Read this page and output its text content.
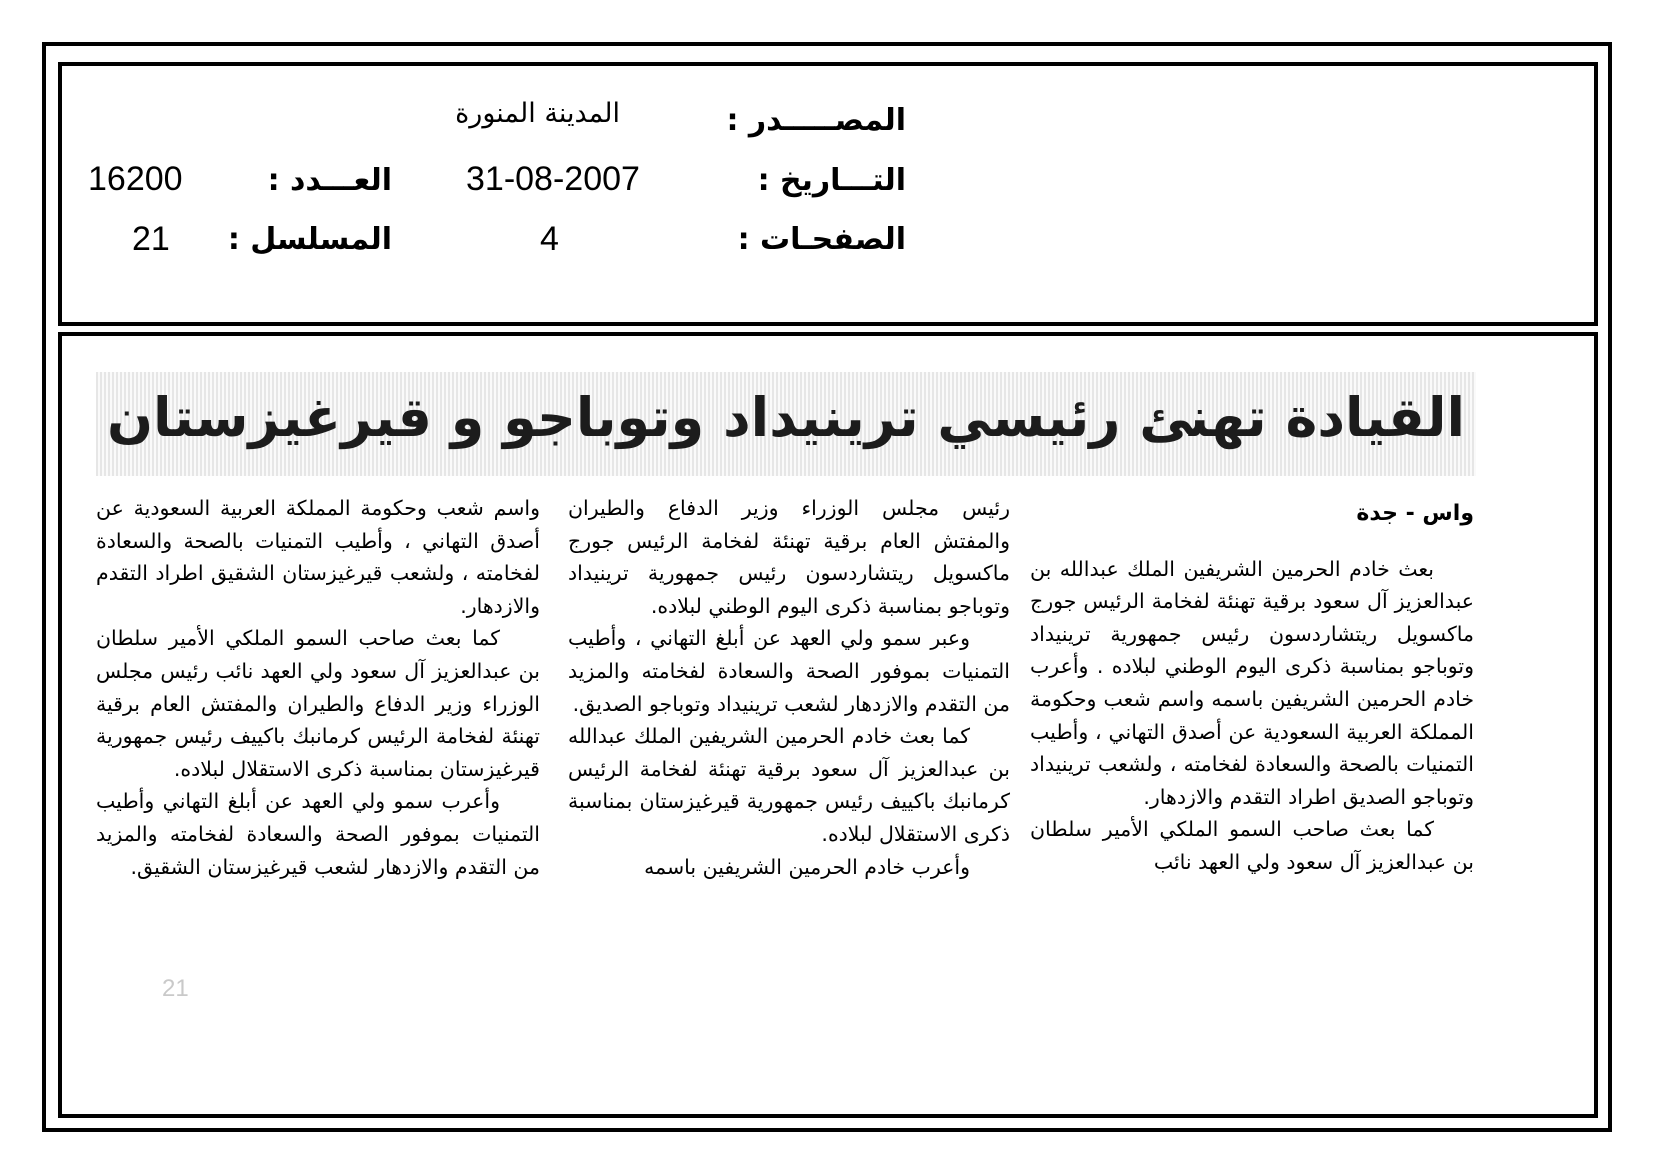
المصـــــدر :
المدينة المنورة
التـــاريخ :
31-08-2007
العـــدد :
16200
الصفحـات :
4
المسلسل :
21
القيادة تهنئ رئيسي ترينيداد وتوباجو و قيرغيزستان

واس - جدة

بعث خادم الحرمين الشريفين الملك عبدالله بن عبدالعزيز آل سعود برقية تهنئة لفخامة الرئيس جورج ماكسويل ريتشاردسون رئيس جمهورية ترينيداد وتوباجو بمناسبة ذكرى اليوم الوطني لبلاده . وأعرب خادم الحرمين الشريفين باسمه واسم شعب وحكومة المملكة العربية السعودية عن أصدق التهاني ، وأطيب التمنيات بالصحة والسعادة لفخامته ، ولشعب ترينيداد وتوباجو الصديق اطراد التقدم والازدهار.

كما بعث صاحب السمو الملكي الأمير سلطان بن عبدالعزيز آل سعود ولي العهد نائب

رئيس مجلس الوزراء وزير الدفاع والطيران والمفتش العام برقية تهنئة لفخامة الرئيس جورج ماكسويل ريتشاردسون رئيس جمهورية ترينيداد وتوباجو بمناسبة ذكرى اليوم الوطني لبلاده.

وعبر سمو ولي العهد عن أبلغ التهاني ، وأطيب التمنيات بموفور الصحة والسعادة لفخامته والمزيد من التقدم والازدهار لشعب ترينيداد وتوباجو الصديق.

كما بعث خادم الحرمين الشريفين الملك عبدالله بن عبدالعزيز آل سعود برقية تهنئة لفخامة الرئيس كرمانبك باكييف رئيس جمهورية قيرغيزستان بمناسبة ذكرى الاستقلال لبلاده.

وأعرب خادم الحرمين الشريفين باسمه

واسم شعب وحكومة المملكة العربية السعودية عن أصدق التهاني ، وأطيب التمنيات بالصحة والسعادة لفخامته ، ولشعب قيرغيزستان الشقيق اطراد التقدم والازدهار.

كما بعث صاحب السمو الملكي الأمير سلطان بن عبدالعزيز آل سعود ولي العهد نائب رئيس مجلس الوزراء وزير الدفاع والطيران والمفتش العام برقية تهنئة لفخامة الرئيس كرمانبك باكييف رئيس جمهورية قيرغيزستان بمناسبة ذكرى الاستقلال لبلاده.

وأعرب سمو ولي العهد عن أبلغ التهاني وأطيب التمنيات بموفور الصحة والسعادة لفخامته والمزيد من التقدم والازدهار لشعب قيرغيزستان الشقيق.

21
